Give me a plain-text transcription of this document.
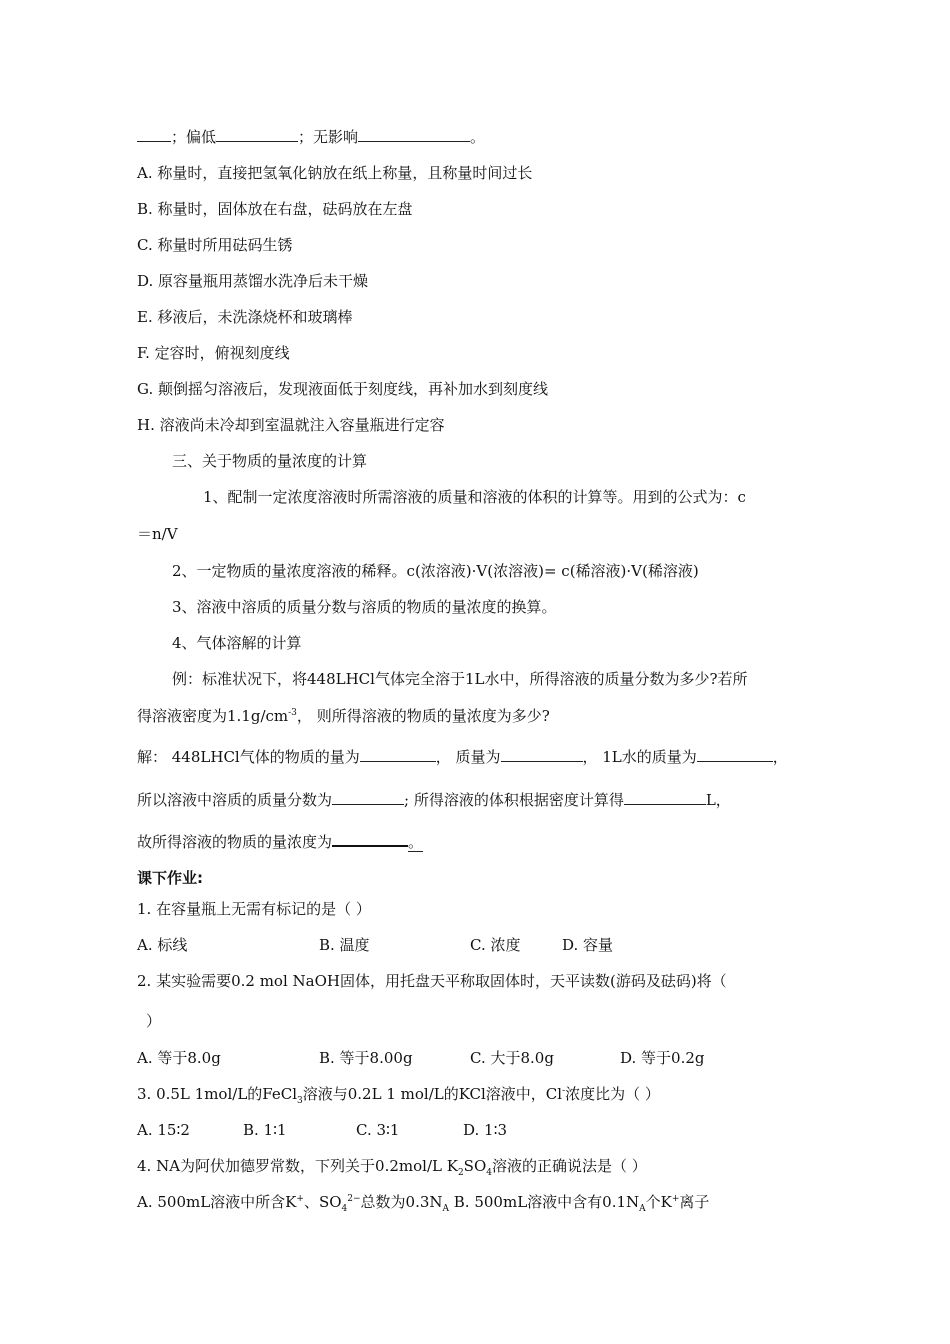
；偏低	；无影响	。
A. 称量时，直接把氢氧化钠放在纸上称量，且称量时间过长
B. 称量时，固体放在右盘，砝码放在左盘
C. 称量时所用砝码生锈
D. 原容量瓶用蒸馏水洗净后未干燥
E. 移液后，未洗涤烧杯和玻璃棒
F. 定容时，俯视刻度线
G. 颠倒摇匀溶液后，发现液面低于刻度线，再补加水到刻度线
H. 溶液尚未冷却到室温就注入容量瓶进行定容
三、关于物质的量浓度的计算
1、配制一定浓度溶液时所需溶液的质量和溶液的体积的计算等。用到的公式为：c
＝n/V
2、一定物质的量浓度溶液的稀释。c(浓溶液)·V(浓溶液)= c(稀溶液)·V(稀溶液)
3、溶液中溶质的质量分数与溶质的物质的量浓度的换算。
4、气体溶解的计算
例：标准状况下，将448LHCl气体完全溶于1L水中，所得溶液的质量分数为多少?若所
得溶液密度为$1.1g/cm^{-3}$， 则所得溶液的物质的量浓度为多少?
解： 448LHCl气体的物质的量为	， 质量为	， 1L水的质量为	，
所以溶液中溶质的质量分数为	; 所得溶液的体积根据密度计算得	L，
故所得溶液的物质的量浓度为	。
课下作业:
1. 在容量瓶上无需有标记的是（ ）
A. 标线	B. 温度	C. 浓度	D. 容量
2. 某实验需要0.2 mol NaOH固体，用托盘天平称取固体时，天平读数(游码及砝码)将（
）
A. 等于8.0g	B. 等于8.00g	C. 大于8.0g	D. 等于0.2g
3. 0.5L 1mol/L的FeCl$_3$溶液与0.2L 1 mol/L的KCl溶液中，Cl-浓度比为（ ）
A. 15∶2	B. 1∶1	C. 3∶1	D. 1∶3
4. NA为阿伏加德罗常数，下列关于0.2mol/L $K_2SO_4$溶液的正确说法是（ ）
A. 500mL溶液中所含K+、$SO_4^{2-}$总数为$0.3N_A$ B. 500mL溶液中含有$0.1N_A$个K+离子
